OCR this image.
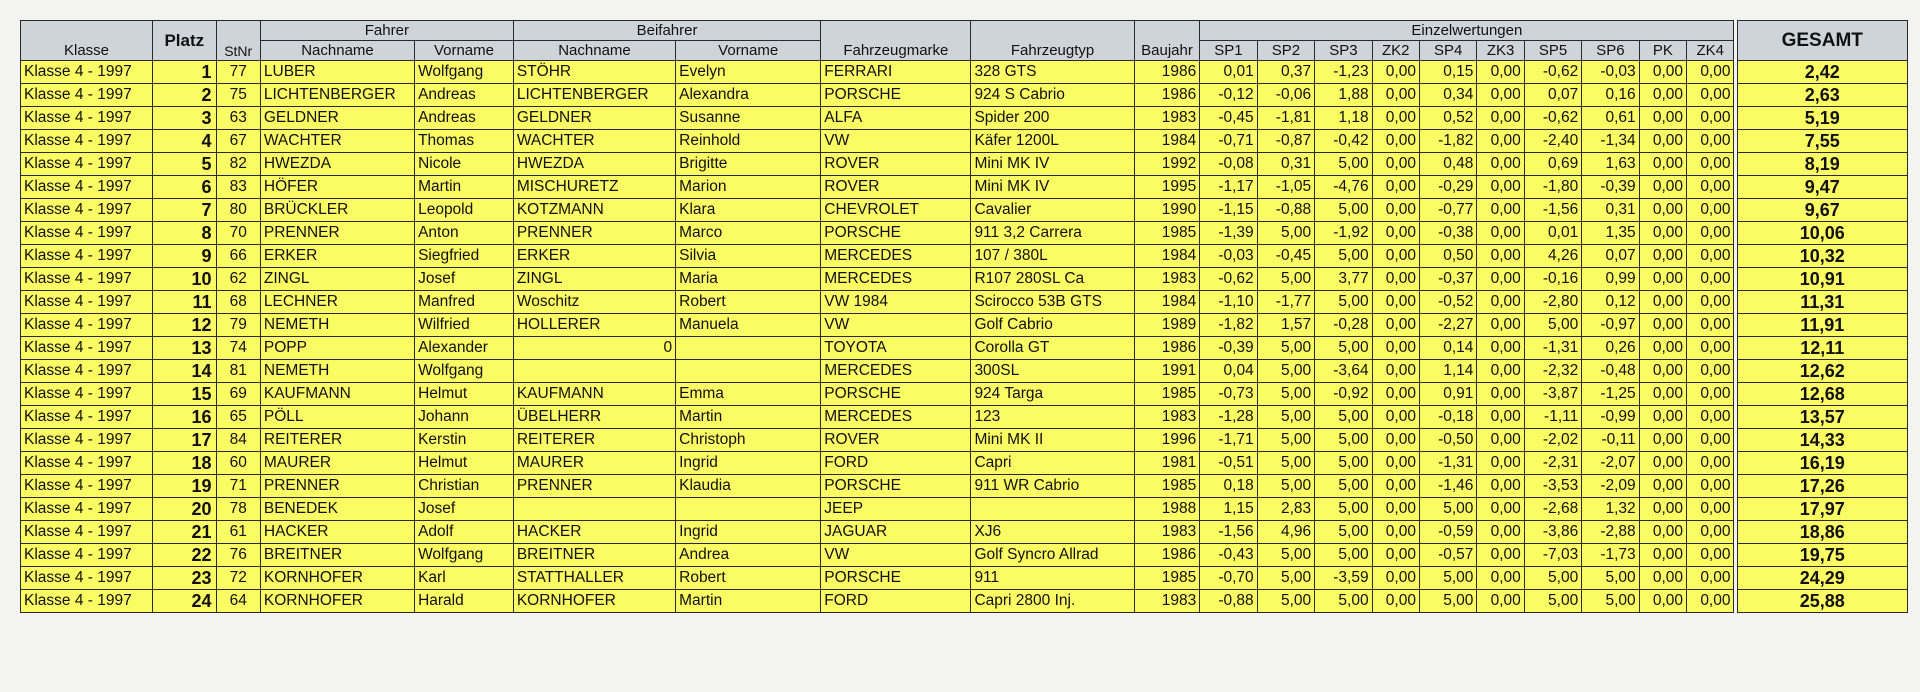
Klasse	Platz	StNr	Fahrer		Beifahrer		Fahrzeugmarke	Fahrzeugtyp	Baujahr	Einzelwertungen											GESAMT
			Nachname	Vorname	Nachname	Vorname				SP1	SP2	SP3	ZK2	SP4	ZK3	SP5	SP6	PK	ZK4		
Klasse 4 - 1997	1	77	LUBER	Wolfgang	STÖHR	Evelyn	FERRARI	328 GTS	1986	0,01	0,37	-1,23	0,00	0,15	0,00	-0,62	-0,03	0,00	0,00		2,42
Klasse 4 - 1997	2	75	LICHTENBERGER	Andreas	LICHTENBERGER	Alexandra	PORSCHE	924 S Cabrio	1986	-0,12	-0,06	1,88	0,00	0,34	0,00	0,07	0,16	0,00	0,00		2,63
Klasse 4 - 1997	3	63	GELDNER	Andreas	GELDNER	Susanne	ALFA	Spider 200	1983	-0,45	-1,81	1,18	0,00	0,52	0,00	-0,62	0,61	0,00	0,00		5,19
Klasse 4 - 1997	4	67	WACHTER	Thomas	WACHTER	Reinhold	VW	Käfer 1200L	1984	-0,71	-0,87	-0,42	0,00	-1,82	0,00	-2,40	-1,34	0,00	0,00		7,55
Klasse 4 - 1997	5	82	HWEZDA	Nicole	HWEZDA	Brigitte	ROVER	Mini MK IV	1992	-0,08	0,31	5,00	0,00	0,48	0,00	0,69	1,63	0,00	0,00		8,19
Klasse 4 - 1997	6	83	HÖFER	Martin	MISCHURETZ	Marion	ROVER	Mini MK IV	1995	-1,17	-1,05	-4,76	0,00	-0,29	0,00	-1,80	-0,39	0,00	0,00		9,47
Klasse 4 - 1997	7	80	BRÜCKLER	Leopold	KOTZMANN	Klara	CHEVROLET	Cavalier	1990	-1,15	-0,88	5,00	0,00	-0,77	0,00	-1,56	0,31	0,00	0,00		9,67
Klasse 4 - 1997	8	70	PRENNER	Anton	PRENNER	Marco	PORSCHE	911 3,2 Carrera	1985	-1,39	5,00	-1,92	0,00	-0,38	0,00	0,01	1,35	0,00	0,00		10,06
Klasse 4 - 1997	9	66	ERKER	Siegfried	ERKER	Silvia	MERCEDES	107 / 380L	1984	-0,03	-0,45	5,00	0,00	0,50	0,00	4,26	0,07	0,00	0,00		10,32
Klasse 4 - 1997	10	62	ZINGL	Josef	ZINGL	Maria	MERCEDES	R107 280SL Ca	1983	-0,62	5,00	3,77	0,00	-0,37	0,00	-0,16	0,99	0,00	0,00		10,91
Klasse 4 - 1997	11	68	LECHNER	Manfred	Woschitz	Robert	VW 1984	Scirocco 53B GTS	1984	-1,10	-1,77	5,00	0,00	-0,52	0,00	-2,80	0,12	0,00	0,00		11,31
Klasse 4 - 1997	12	79	NEMETH	Wilfried	HOLLERER	Manuela	VW	Golf Cabrio	1989	-1,82	1,57	-0,28	0,00	-2,27	0,00	5,00	-0,97	0,00	0,00		11,91
Klasse 4 - 1997	13	74	POPP	Alexander	0		TOYOTA	Corolla GT	1986	-0,39	5,00	5,00	0,00	0,14	0,00	-1,31	0,26	0,00	0,00		12,11
Klasse 4 - 1997	14	81	NEMETH	Wolfgang			MERCEDES	300SL	1991	0,04	5,00	-3,64	0,00	1,14	0,00	-2,32	-0,48	0,00	0,00		12,62
Klasse 4 - 1997	15	69	KAUFMANN	Helmut	KAUFMANN	Emma	PORSCHE	924 Targa	1985	-0,73	5,00	-0,92	0,00	0,91	0,00	-3,87	-1,25	0,00	0,00		12,68
Klasse 4 - 1997	16	65	PÖLL	Johann	ÜBELHERR	Martin	MERCEDES	123	1983	-1,28	5,00	5,00	0,00	-0,18	0,00	-1,11	-0,99	0,00	0,00		13,57
Klasse 4 - 1997	17	84	REITERER	Kerstin	REITERER	Christoph	ROVER	Mini MK II	1996	-1,71	5,00	5,00	0,00	-0,50	0,00	-2,02	-0,11	0,00	0,00		14,33
Klasse 4 - 1997	18	60	MAURER	Helmut	MAURER	Ingrid	FORD	Capri	1981	-0,51	5,00	5,00	0,00	-1,31	0,00	-2,31	-2,07	0,00	0,00		16,19
Klasse 4 - 1997	19	71	PRENNER	Christian	PRENNER	Klaudia	PORSCHE	911 WR Cabrio	1985	0,18	5,00	5,00	0,00	-1,46	0,00	-3,53	-2,09	0,00	0,00		17,26
Klasse 4 - 1997	20	78	BENEDEK	Josef			JEEP		1988	1,15	2,83	5,00	0,00	5,00	0,00	-2,68	1,32	0,00	0,00		17,97
Klasse 4 - 1997	21	61	HACKER	Adolf	HACKER	Ingrid	JAGUAR	XJ6	1983	-1,56	4,96	5,00	0,00	-0,59	0,00	-3,86	-2,88	0,00	0,00		18,86
Klasse 4 - 1997	22	76	BREITNER	Wolfgang	BREITNER	Andrea	VW	Golf Syncro Allrad	1986	-0,43	5,00	5,00	0,00	-0,57	0,00	-7,03	-1,73	0,00	0,00		19,75
Klasse 4 - 1997	23	72	KORNHOFER	Karl	STATTHALLER	Robert	PORSCHE	911	1985	-0,70	5,00	-3,59	0,00	5,00	0,00	5,00	5,00	0,00	0,00		24,29
Klasse 4 - 1997	24	64	KORNHOFER	Harald	KORNHOFER	Martin	FORD	Capri 2800 Inj.	1983	-0,88	5,00	5,00	0,00	5,00	0,00	5,00	5,00	0,00	0,00		25,88
